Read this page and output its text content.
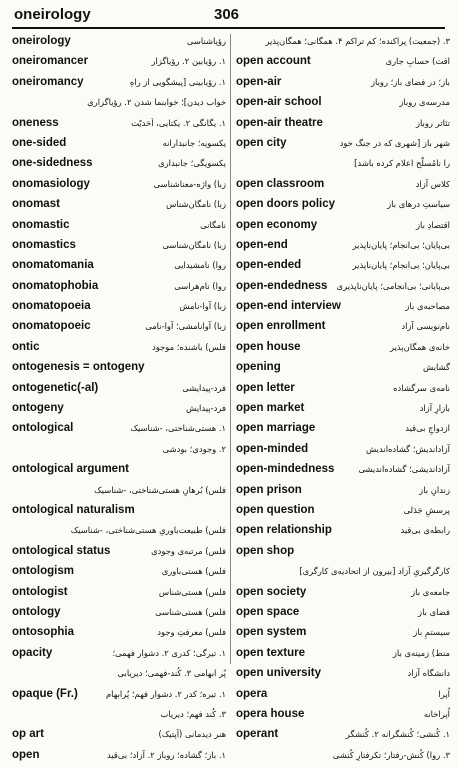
oneirology	306
oneirology	رؤیاشناسی
oneiromancer	۱. رؤیابین ۲. رؤیاگزار
oneiromancy	۱. رؤیابینی [پیشگویی از راهِ
خواب دیدن]؛ خوابنما شدن ۲. رؤیاگزاری
oneness	۱. یگانگی ۲. یکتایی، اَحَدیّت
one-sided	یکسویه؛ جانبدارانه
one-sidedness	یکسویگی؛ جانبداری
onomasiology	زبا) واژه-معناشناسی
onomast	زبا) نامگان‌شناس
onomastic	نامگانی
onomastics	زبا) نامگان‌شناسی
onomatomania	روا) نامشیدایی
onomatophobia	روا) نام‌هراسی
onomatopoeia	زبا) آوا-نامش
onomatopoeic	زبا) آوانامشی؛ آوا-نامی
ontic	فلس) باشنده؛ موجود
ontogenesis = ontogeny
ontogenetic(-al)	فرد-پیدایشی
ontogeny	فرد-پیدایش
ontological	۱. هستی‌شناختی، -شناسیک
۲. وجودی؛ بودشی
ontological argument
فلس) بُرهانِ هستی‌شناختی، -شناسیک
ontological naturalism
فلس) طبیعت‌باوریِ هستی‌شناختی، -شناسیک
ontological status	فلس) مرتبه‌ی وجودی
ontologism	فلس) هستی‌باوری
ontologist	فلس) هستی‌شناس
ontology	فلس) هستی‌شناسی
ontosophia	فلس) معرفتِ وجود
opacity	۱. تیرگی؛ کدری ۲. دشوار فهمی؛
پُر ابهامی ۳. کُند-فهمی؛ دیریابی
opaque (Fr.)	۱. تیره؛ کدر ۲. دشوار فهم؛ پُرابهام
۳. کُند فهم؛ دیریاب
op art	هنر دیدمانی (آپتیک)
open	۱. باز؛ گشاده؛ روباز ۲. آزاد؛ بی‌قید
۳. (جمعیت) پراکنده؛ کم تراکم ۴. همگانی؛ همگان‌پذیر
open account	اقت) حسابِ جاری
open-air	باز؛ در فضای باز؛ روباز
open-air school	مدرسه‌ی روباز
open-air theatre	تئاتر روباز
open city	شهر باز [شهری که در جنگ خود
را نامُسلّح اعلام کرده باشد]
open classroom	کلاس آزاد
open doors policy	سیاستِ درهای باز
open economy	اقتصادِ باز
open-end	بی‌پایان؛ بی‌انجام؛ پایان‌ناپذیر
open-ended	بی‌پایان؛ بی‌انجام؛ پایان‌ناپذیر
open-endedness بی‌پایانی؛ بی‌انجامی؛ پایان‌ناپذیری
open-end interview	مصاحبه‌ی باز
open enrollment	نام‌نویسی آزاد
open house	خانه‌ی همگان‌پذیر
opening	گشایش
open letter	نامه‌ی سرگشاده
open market	بازارِ آزاد
open marriage	ازدواجِ بی‌قید
open-minded	آزاداندیش؛ گشاده‌اندیش
open-mindedness	آزاداندیشی؛ گشاده‌اندیشی
open prison	زندانِ باز
open question	پرسشِ جَدَلی
open relationship	رابطه‌ی بی‌قید
open shop
کارگرگیریِ آزاد [بیرون از اتحادیه‌ی کارگری]
open society	جامعه‌ی باز
open space	فضای باز
open system	سیستمِ باز
open texture	منط) زمینه‌ی باز
open university	دانشگاه آزاد
opera	اُپرا
opera house	اُپراخانه
operant	۱. کُنشی؛ کُنشگرانه ۲. کُنشگر
۳. روا) کُنش-رفتار؛ تکرفتارِ کُنشی
